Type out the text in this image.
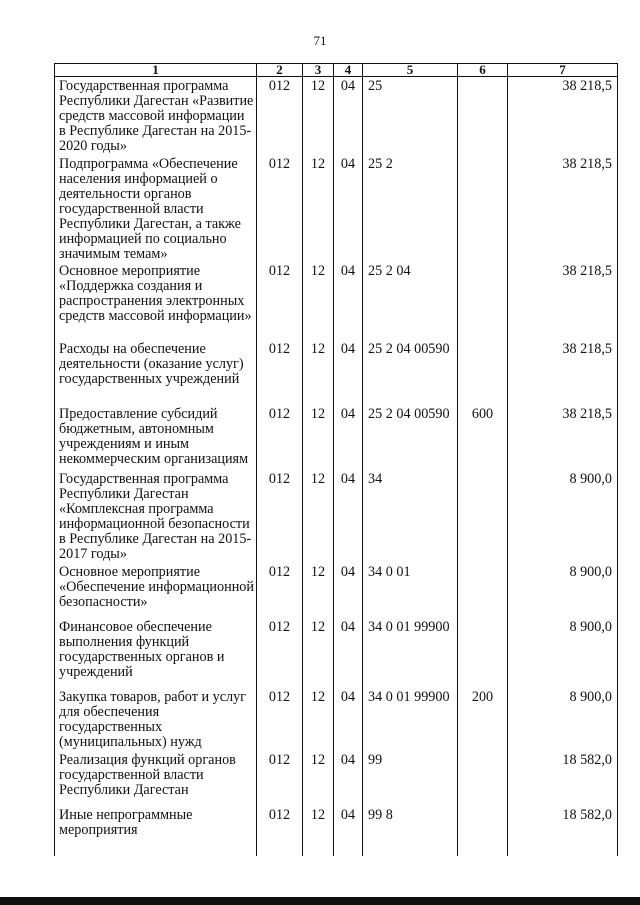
71
1	2	3	4	5	6	7
Государственная программа Республики Дагестан «Развитие средств массовой информации в Республике Дагестан на 2015-2020 годы»	012	12	04	25		38 218,5
Подпрограмма «Обеспечение населения информацией о деятельности органов государственной власти Республики Дагестан, а также информацией по социально значимым темам»	012	12	04	25 2		38 218,5
Основное мероприятие «Поддержка создания и распространения электронных средств массовой информации»	012	12	04	25 2 04		38 218,5
Расходы на обеспечение деятельности (оказание услуг) государственных учреждений	012	12	04	25 2 04 00590		38 218,5
Предоставление субсидий бюджетным, автономным учреждениям и иным некоммерческим организациям	012	12	04	25 2 04 00590	600	38 218,5
Государственная программа Республики Дагестан «Комплексная программа информационной безопасности в Республике Дагестан на 2015-2017 годы»	012	12	04	34		8 900,0
Основное мероприятие «Обеспечение информационной безопасности»	012	12	04	34 0 01		8 900,0
Финансовое обеспечение выполнения функций государственных органов и учреждений	012	12	04	34 0 01 99900		8 900,0
Закупка товаров, работ и услуг для обеспечения государственных (муниципальных) нужд	012	12	04	34 0 01 99900	200	8 900,0
Реализация функций органов государственной власти Республики Дагестан	012	12	04	99		18 582,0
Иные непрограммные мероприятия	012	12	04	99 8		18 582,0
